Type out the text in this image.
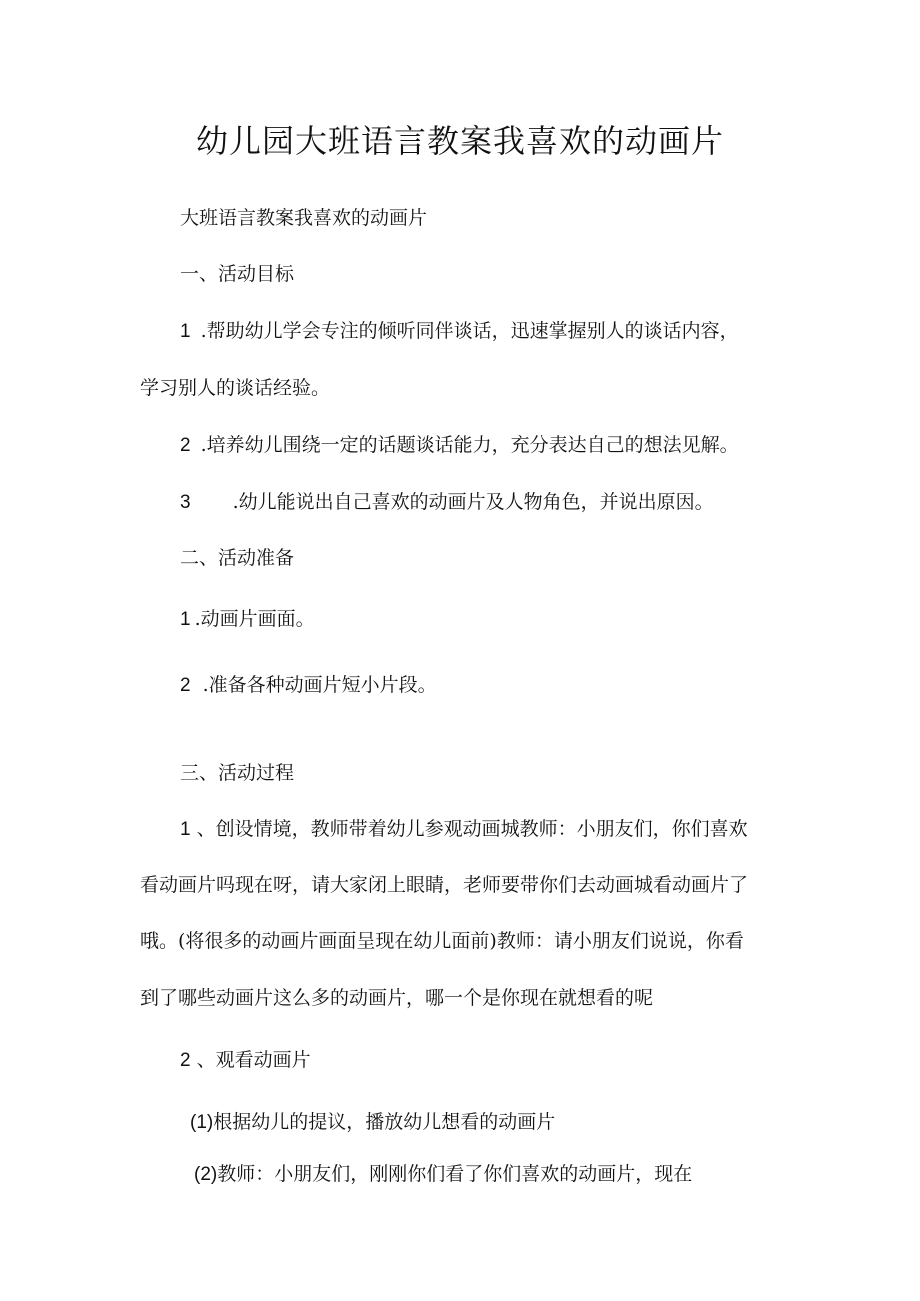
幼儿园大班语言教案我喜欢的动画片
大班语言教案我喜欢的动画片
一、活动目标
1 .帮助幼儿学会专注的倾听同伴谈话，迅速掌握别人的谈话内容，
学习别人的谈话经验。
2 .培养幼儿围绕一定的话题谈话能力，充分表达自己的想法见解。
3 .幼儿能说出自己喜欢的动画片及人物角色，并说出原因。
二、活动准备
1 .动画片画面。
2 .准备各种动画片短小片段。
三、活动过程
1 、创设情境，教师带着幼儿参观动画城教师：小朋友们，你们喜欢
看动画片吗现在呀，请大家闭上眼睛，老师要带你们去动画城看动画片了
哦。(将很多的动画片画面呈现在幼儿面前)教师：请小朋友们说说，你看
到了哪些动画片这么多的动画片，哪一个是你现在就想看的呢
2 、观看动画片
(1)根据幼儿的提议，播放幼儿想看的动画片
(2)教师：小朋友们，刚刚你们看了你们喜欢的动画片，现在
